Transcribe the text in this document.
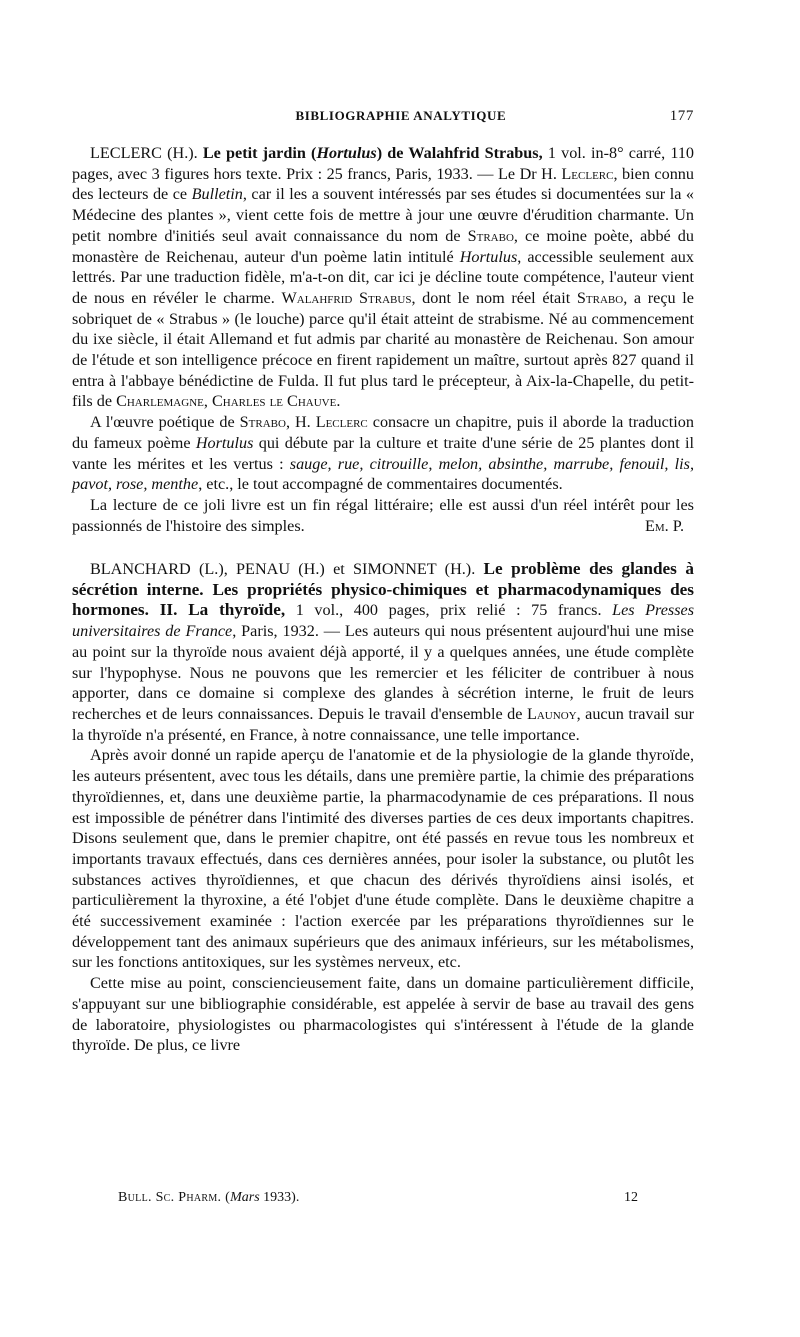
BIBLIOGRAPHIE ANALYTIQUE	177

LECLERC (H.). Le petit jardin (Hortulus) de Walahfrid Strabus, 1 vol. in-8° carré, 110 pages, avec 3 figures hors texte. Prix : 25 francs, Paris, 1933. — Le Dr H. Leclerc, bien connu des lecteurs de ce Bulletin, car il les a souvent intéressés par ses études si documentées sur la « Médecine des plantes », vient cette fois de mettre à jour une œuvre d'érudition charmante. Un petit nombre d'initiés seul avait connaissance du nom de Strabo, ce moine poète, abbé du monastère de Reichenau, auteur d'un poème latin intitulé Hortulus, accessible seulement aux lettrés. Par une traduction fidèle, m'a-t-on dit, car ici je décline toute compétence, l'auteur vient de nous en révéler le charme. Walahfrid Strabus, dont le nom réel était Strabo, a reçu le sobriquet de « Strabus » (le louche) parce qu'il était atteint de strabisme. Né au commencement du ixe siècle, il était Allemand et fut admis par charité au monastère de Reichenau. Son amour de l'étude et son intelligence précoce en firent rapidement un maître, surtout après 827 quand il entra à l'abbaye bénédictine de Fulda. Il fut plus tard le précepteur, à Aix-la-Chapelle, du petit-fils de Charlemagne, Charles le Chauve.

A l'œuvre poétique de Strabo, H. Leclerc consacre un chapitre, puis il aborde la traduction du fameux poème Hortulus qui débute par la culture et traite d'une série de 25 plantes dont il vante les mérites et les vertus : sauge, rue, citrouille, melon, absinthe, marrube, fenouil, lis, pavot, rose, menthe, etc., le tout accompagné de commentaires documentés.

La lecture de ce joli livre est un fin régal littéraire; elle est aussi d'un réel intérêt pour les passionnés de l'histoire des simples.	Em. P.

BLANCHARD (L.), PENAU (H.) et SIMONNET (H.). Le problème des glandes à sécrétion interne. Les propriétés physico-chimiques et pharmacodynamiques des hormones. II. La thyroïde, 1 vol., 400 pages, prix relié : 75 francs. Les Presses universitaires de France, Paris, 1932. — Les auteurs qui nous présentent aujourd'hui une mise au point sur la thyroïde nous avaient déjà apporté, il y a quelques années, une étude complète sur l'hypophyse. Nous ne pouvons que les remercier et les féliciter de contribuer à nous apporter, dans ce domaine si complexe des glandes à sécrétion interne, le fruit de leurs recherches et de leurs connaissances. Depuis le travail d'ensemble de Launoy, aucun travail sur la thyroïde n'a présenté, en France, à notre connaissance, une telle importance.

Après avoir donné un rapide aperçu de l'anatomie et de la physiologie de la glande thyroïde, les auteurs présentent, avec tous les détails, dans une première partie, la chimie des préparations thyroïdiennes, et, dans une deuxième partie, la pharmacodynamie de ces préparations. Il nous est impossible de pénétrer dans l'intimité des diverses parties de ces deux importants chapitres. Disons seulement que, dans le premier chapitre, ont été passés en revue tous les nombreux et importants travaux effectués, dans ces dernières années, pour isoler la substance, ou plutôt les substances actives thyroïdiennes, et que chacun des dérivés thyroïdiens ainsi isolés, et particulièrement la thyroxine, a été l'objet d'une étude complète. Dans le deuxième chapitre a été successivement examinée : l'action exercée par les préparations thyroïdiennes sur le développement tant des animaux supérieurs que des animaux inférieurs, sur les métabolismes, sur les fonctions antitoxiques, sur les systèmes nerveux, etc.

Cette mise au point, consciencieusement faite, dans un domaine particulièrement difficile, s'appuyant sur une bibliographie considérable, est appelée à servir de base au travail des gens de laboratoire, physiologistes ou pharmacologistes qui s'intéressent à l'étude de la glande thyroïde. De plus, ce livre

Bull. Sc. Pharm. (Mars 1933).	12
